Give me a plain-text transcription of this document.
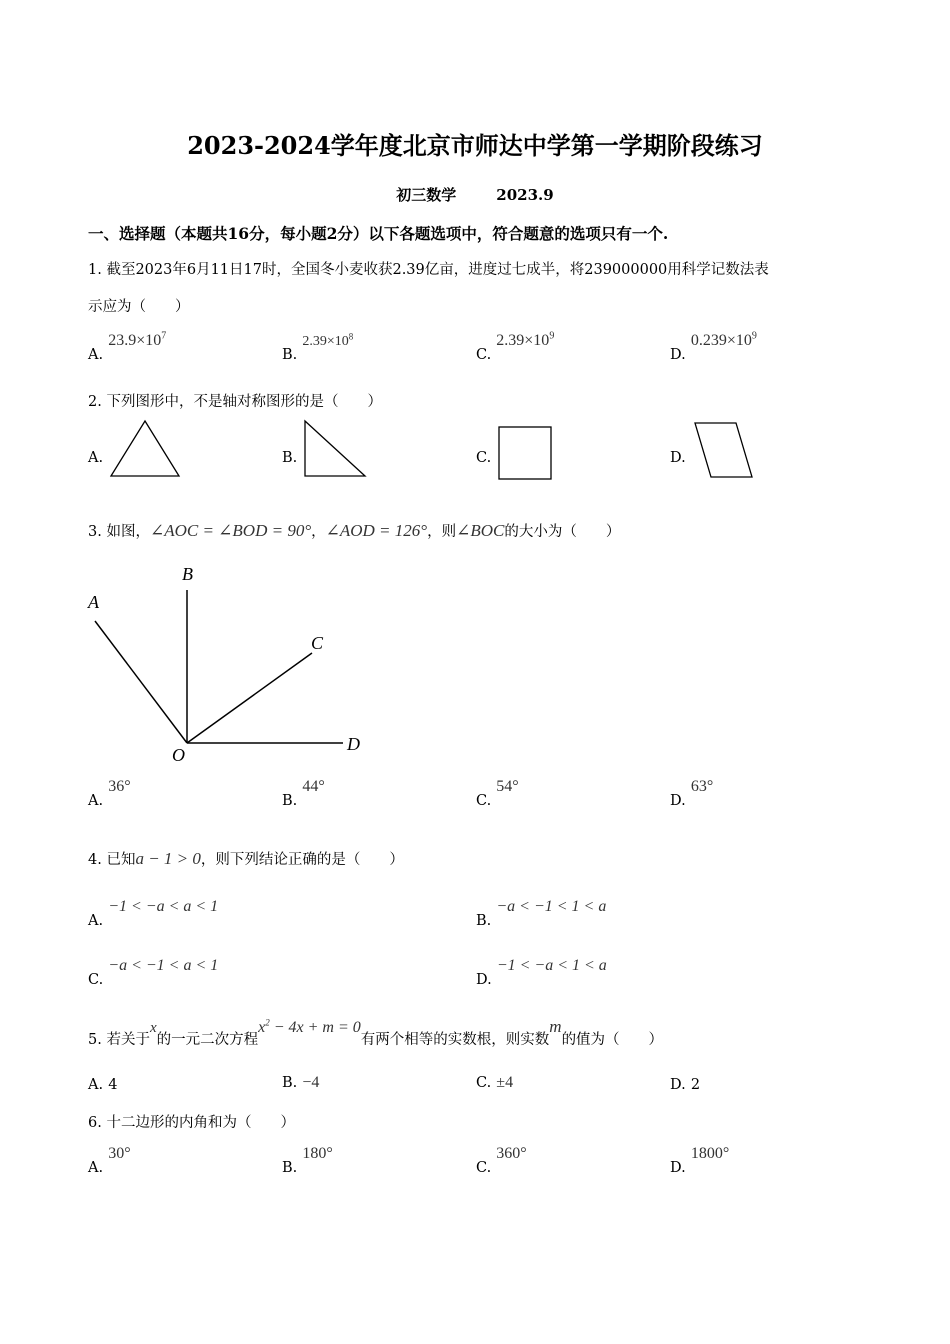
2023-2024学年度北京市师达中学第一学期阶段练习
初三数学	2023.9
一、选择题（本题共16分，每小题2分）以下各题选项中，符合题意的选项只有一个.
1. 截至2023年6月11日17时，全国冬小麦收获2.39亿亩，进度过七成半，将239000000用科学记数法表
示应为（　　）
A. $23.9\times 10^7$
B. $2.39\times 10^8$
C. $2.39\times 10^9$
D. $0.239\times 10^9$
2. 下列图形中，不是轴对称图形的是（　　）
A.	B.	C.	D.
3. 如图，∠AOC = ∠BOD = 90°，∠AOD = 126°，则∠BOC的大小为（　　）
B
A
C
D
O
A. 36°
B. 44°
C. 54°
D. 63°
4. 已知a − 1 > 0，则下列结论正确的是（　　）
A. −1 < −a < a < 1
B. −a < −1 < 1 < a
C. −a < −1 < a < 1
D. −1 < −a < 1 < a
5. 若关于x的一元二次方程$x^2 - 4x + m = 0$有两个相等的实数根，则实数m的值为（　　）
A. 4	B. −4	C. ±4	D. 2
6. 十二边形的内角和为（　　）
A. 30°
B. 180°
C. 360°
D. 1800°
